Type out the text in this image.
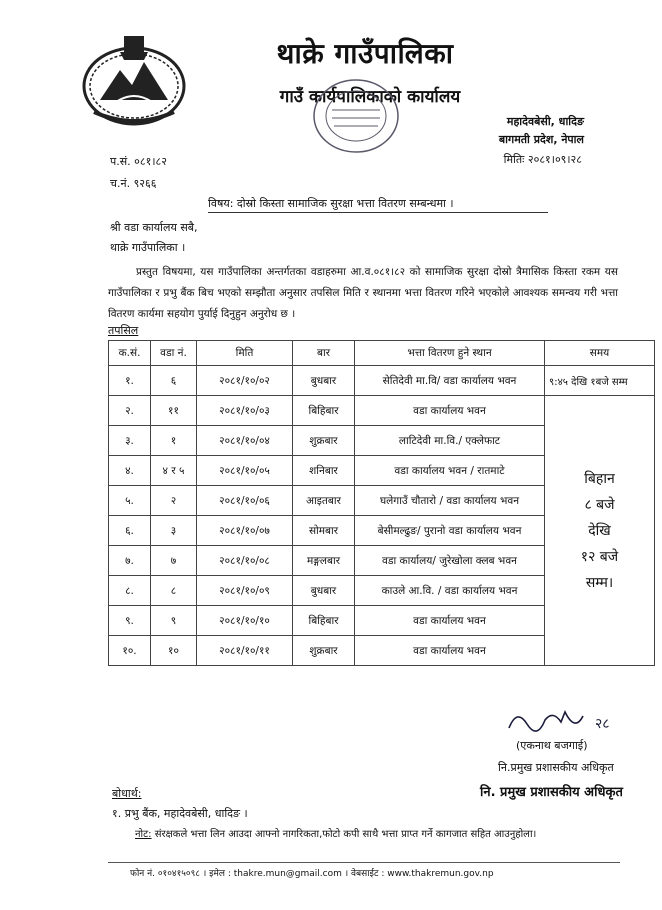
थाक्रे गाउँपालिका
गाउँ कार्यपालिकाको कार्यालय
महादेवबेसी, धादिङ
बागमती प्रदेश, नेपाल
मितिः २०८१।०९।२८
प.सं. ०८१।८२
च.नं. ९२६६
विषय: दोस्रो किस्ता सामाजिक सुरक्षा भत्ता वितरण सम्बन्धमा ।
श्री वडा कार्यालय सबै,
थाक्रे गाउँपालिका ।
प्रस्तुत विषयमा, यस गाउँपालिका अन्तर्गतका वडाहरुमा आ.व.०८१।८२ को सामाजिक सुरक्षा दोस्रो त्रैमासिक किस्ता रकम यस गाउँपालिका र प्रभु बैंक बिच भएको सम्झौता अनुसार तपसिल मिति र स्थानमा भत्ता वितरण गरिने भएकोले आवश्यक समन्वय गरी भत्ता वितरण कार्यमा सहयोग पुर्याई दिनुहुन अनुरोध छ ।
तपसिल
क.सं.	वडा नं.	मिति	बार	भत्ता वितरण हुने स्थान	समय
१.	६	२०८१/१०/०२	बुधबार	सेतिदेवी मा.वि/ वडा कार्यालय भवन	९:४५ देखि १बजे सम्म
२.	११	२०८१/१०/०३	बिहिबार	वडा कार्यालय भवन	बिहान
८ बजे
देखि
१२ बजे
सम्म।

३.	१	२०८१/१०/०४	शुक्रबार	लाटिदेवी मा.वि./ एक्लेफाट	
४.	४ र ५	२०८१/१०/०५	शनिबार	वडा कार्यालय भवन / रातमाटे	
५.	२	२०८१/१०/०६	आइतबार	घलेगाउँ चौतारो / वडा कार्यालय भवन	
६.	३	२०८१/१०/०७	सोमबार	बेसीमल्ढुङ/ पुरानो वडा कार्यालय भवन	
७.	७	२०८१/१०/०८	मङ्गलबार	वडा कार्यालय/ जुरेखोला क्लब भवन	
८.	८	२०८१/१०/०९	बुधबार	काउले आ.वि. / वडा कार्यालय भवन	
९.	९	२०८१/१०/१०	बिहिबार	वडा कार्यालय भवन	
१०.	१०	२०८१/१०/११	शुक्रबार	वडा कार्यालय भवन	
२८
(एकनाथ बजगाई)
नि.प्रमुख प्रशासकीय अधिकृत
नि. प्रमुख प्रशासकीय अधिकृत
बोधार्थ:
१. प्रभु बैंक, महादेवबेसी, धादिङ ।
नोट: संरक्षकले भत्ता लिन आउदा आफ्नो नागरिकता,फोटो कपी साथै भत्ता प्राप्त गर्ने कागजात सहित आउनुहोला।
फोन नं. ०१०४१५०९८ । इमेल : thakre.mun@gmail.com । वेबसाईट : www.thakremun.gov.np
